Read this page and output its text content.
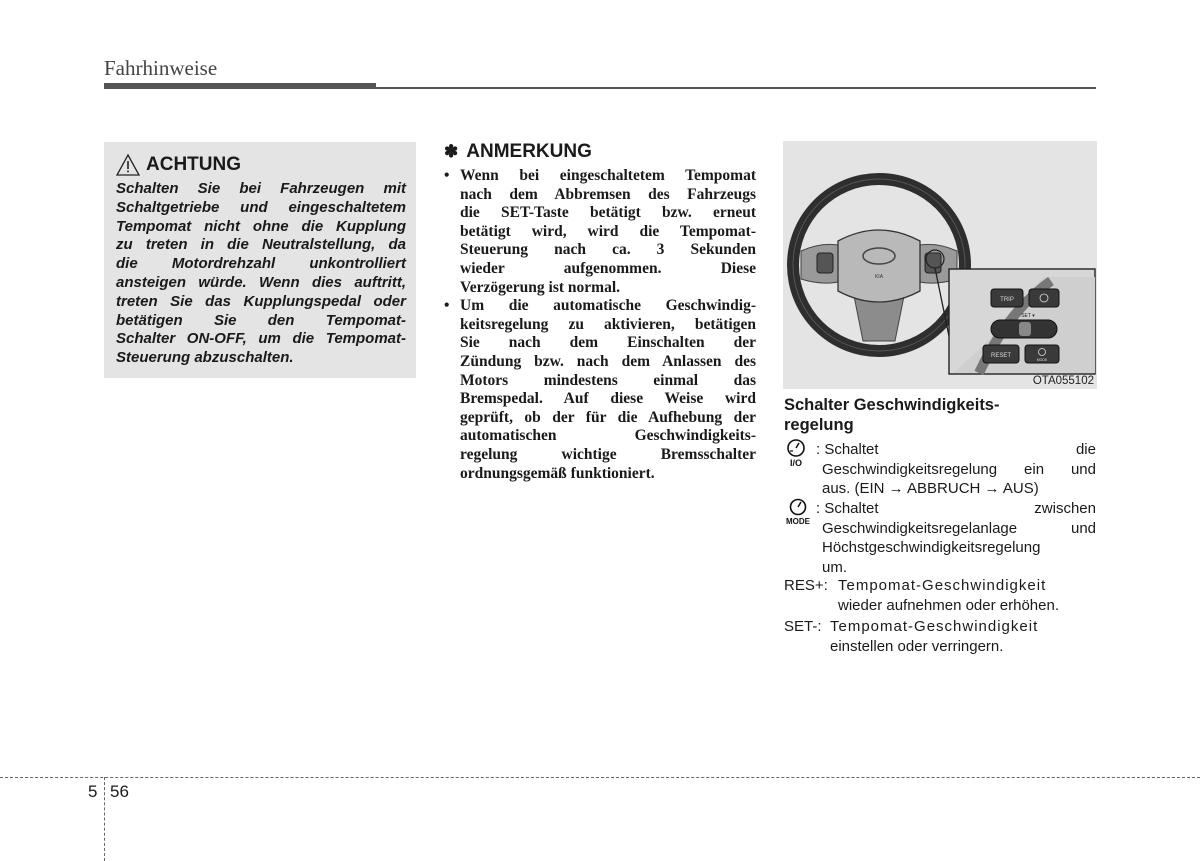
Fahrhinweise
ACHTUNG
Schalten Sie bei Fahrzeugen mit
Schaltgetriebe und eingeschaltetem
Tempomat nicht ohne die Kupplung
zu treten in die Neutralstellung, da
die Motordrehzahl unkontrolliert
ansteigen würde. Wenn dies auftritt,
treten Sie das Kupplungspedal oder
betätigen Sie den Tempomat-
Schalter ON-OFF, um die Tempomat-
Steuerung abzuschalten.
✽ ANMERKUNG
• Wenn bei eingeschaltetem Tempomat
nach dem Abbremsen des Fahrzeugs
die SET-Taste betätigt bzw. erneut
betätigt wird, wird die Tempomat-
Steuerung nach ca. 3 Sekunden
wieder aufgenommen. Diese
Verzögerung ist normal.
• Um die automatische Geschwindig-
keitsregelung zu aktivieren, betätigen
Sie nach dem Einschalten der
Zündung bzw. nach dem Anlassen des
Motors mindestens einmal das
Bremspedal. Auf diese Weise wird
geprüft, ob der für die Aufhebung der
automatischen Geschwindigkeits-
regelung wichtige Bremsschalter
ordnungsgemäß funktioniert.
KIA
TRIP
SET ▾
RESET
MODE
OTA055102
Schalter Geschwindigkeits-
regelung
I/O
: Schaltet	die
Geschwindigkeitsregelung ein und
aus. (EIN → ABBRUCH → AUS)
MODE
: Schaltet	zwischen
Geschwindigkeitsregelanlage und
Höchstgeschwindigkeitsregelung
um.
RES+: Tempomat-Geschwindigkeit
wieder aufnehmen oder erhöhen.
SET-: Tempomat-Geschwindigkeit
einstellen oder verringern.
5 56
